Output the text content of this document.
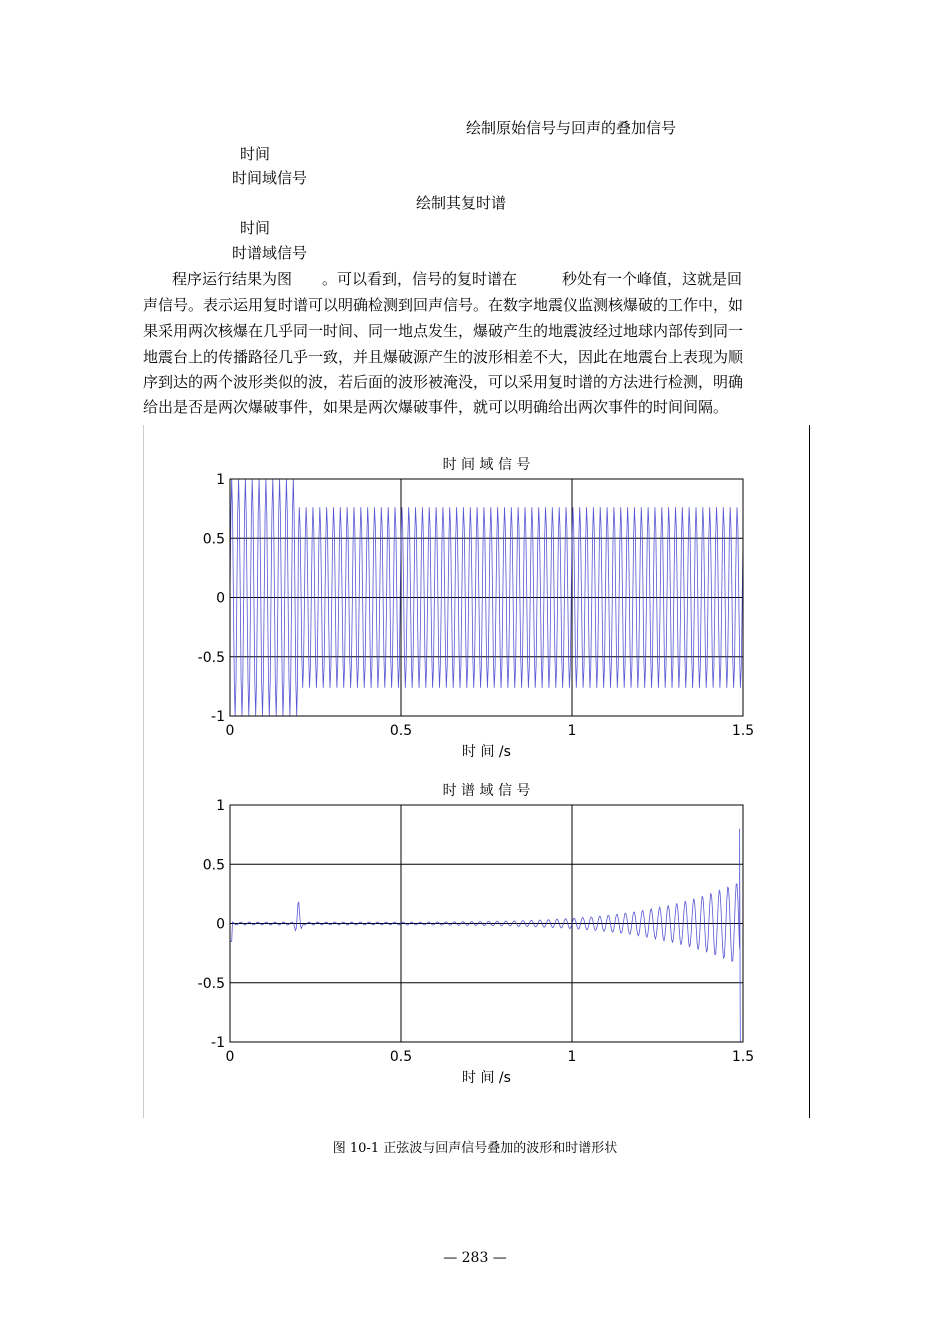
绘制原始信号与回声的叠加信号
时间
时间域信号
绘制其复时谱
时间
时谱域信号
程序运行结果为图　　。可以看到，信号的复时谱在　　　秒处有一个峰值，这就是回
声信号。表示运用复时谱可以明确检测到回声信号。在数字地震仪监测核爆破的工作中，如
果采用两次核爆在几乎同一时间、同一地点发生，爆破产生的地震波经过地球内部传到同一
地震台上的传播路径几乎一致，并且爆破源产生的波形相差不大，因此在地震台上表现为顺
序到达的两个波形类似的波，若后面的波形被淹没，可以采用复时谱的方法进行检测，明确
给出是否是两次爆破事件，如果是两次爆破事件，就可以明确给出两次事件的时间间隔。
0	0.5	1	1.5
1
0.5
0
-0.5
-1
时 间 域 信 号
时 间 /s
0	0.5	1	1.5
1
0.5
0
-0.5
-1
时 谱 域 信 号
时 间 /s
图 10-1 正弦波与回声信号叠加的波形和时谱形状
— 283 —
